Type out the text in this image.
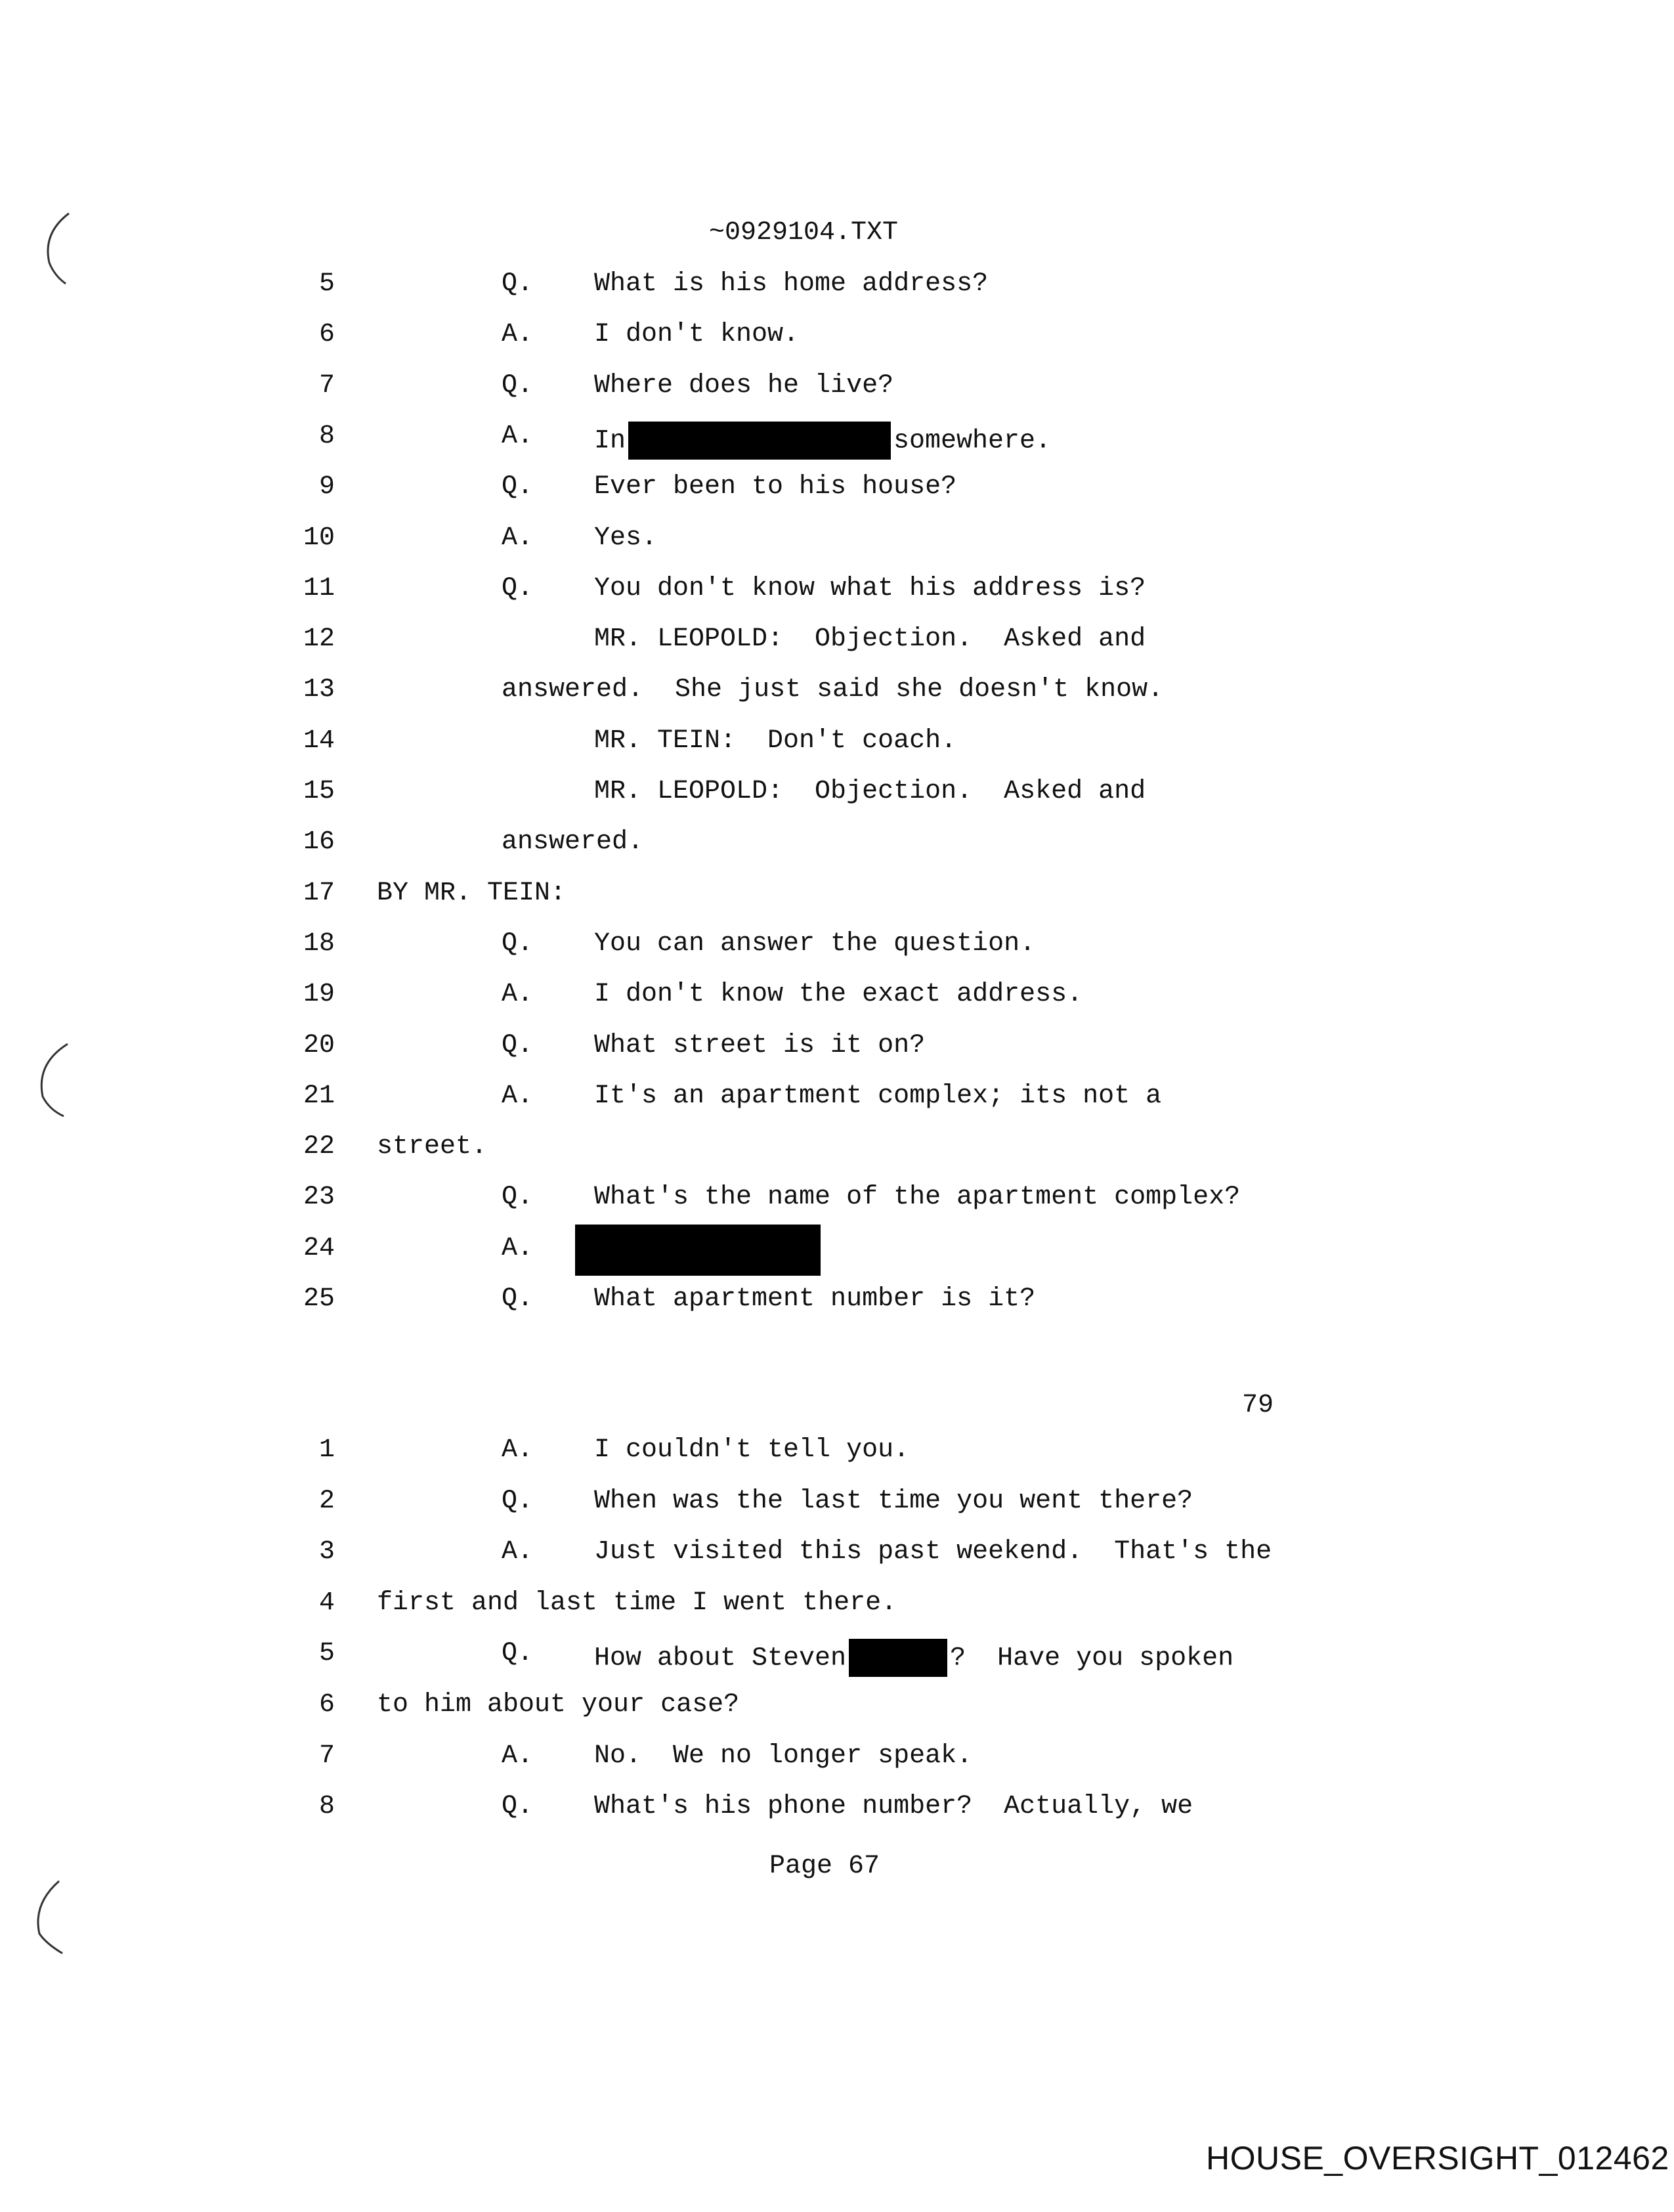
~0929104.TXT
5	Q. What is his home address?
6	A. I don't know.
7	Q. Where does he live?
8	A. In	somewhere.
9	Q. Ever been to his house?
10	A. Yes.
11	Q. You don't know what his address is?
12	MR. LEOPOLD:  Objection.  Asked and
13	answered.  She just said she doesn't know.
14	MR. TEIN:  Don't coach.
15	MR. LEOPOLD:  Objection.  Asked and
16	answered.
17 BY MR. TEIN:
18	Q. You can answer the question.
19	A. I don't know the exact address.
20	Q. What street is it on?
21	A. It's an apartment complex; its not a
22 street.
23	Q. What's the name of the apartment complex?
24	A.
25	Q. What apartment number is it?
79
1	A. I couldn't tell you.
2	Q. When was the last time you went there?
3	A. Just visited this past weekend.  That's the
4 first and last time I went there.
5	Q. How about Steven	?  Have you spoken
6 to him about your case?
7	A. No.  We no longer speak.
8	Q. What's his phone number?  Actually, we
Page 67
HOUSE_OVERSIGHT_012462
